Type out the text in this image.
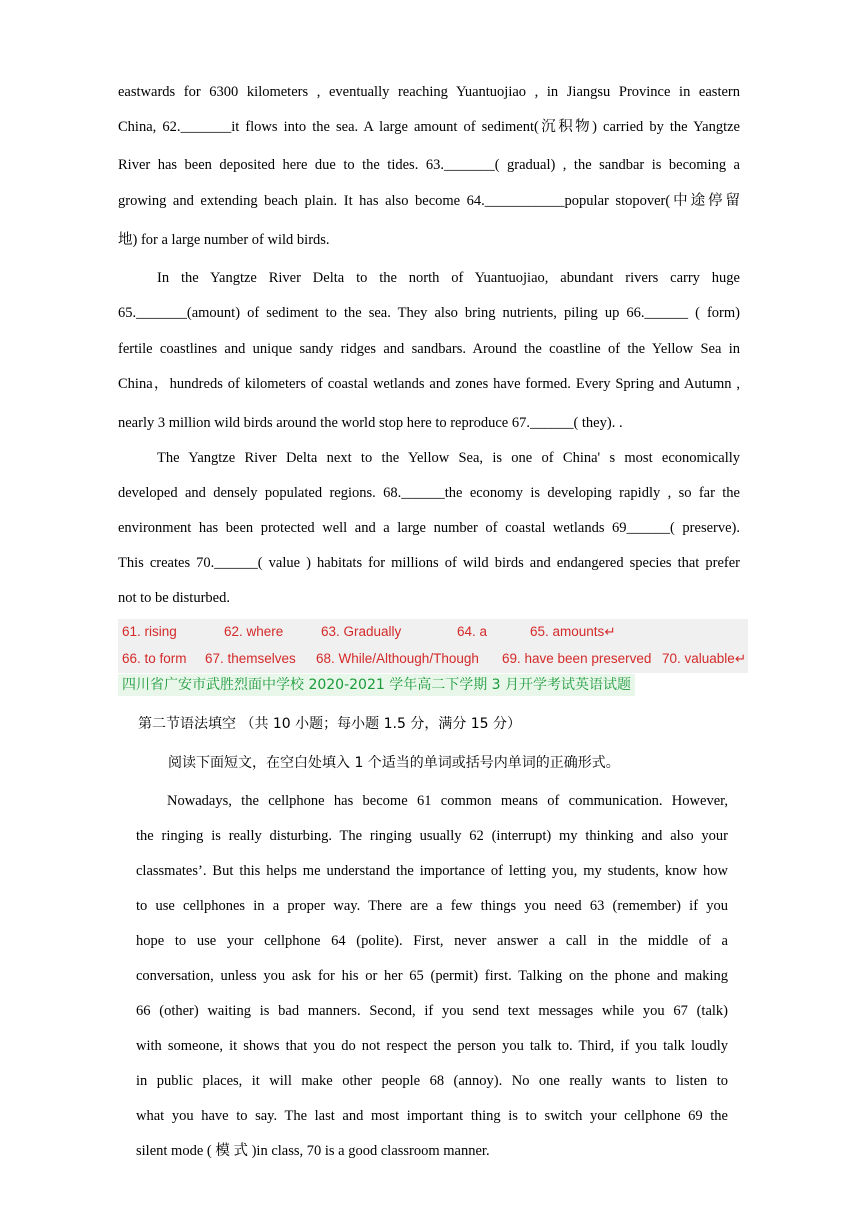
eastwards for 6300 kilometers , eventually reaching Yuantuojiao , in Jiangsu Province in eastern
China, 62._______it flows into the sea. A large amount of sediment(沉积物) carried by the Yangtze
River has been deposited here due to the tides. 63._______( gradual) , the sandbar is becoming a
growing and extending beach plain. It has also become 64.___________popular stopover(中途停留
地) for a large number of wild birds.
In the Yangtze River Delta to the north of Yuantuojiao, abundant rivers carry huge
65._______(amount) of sediment to the sea. They also bring nutrients, piling up 66.______ ( form)
fertile coastlines and unique sandy ridges and sandbars. Around the coastline of the Yellow Sea in
China，hundreds of kilometers of coastal wetlands and zones have formed. Every Spring and Autumn ,
nearly 3 million wild birds around the world stop here to reproduce 67.______( they). .
The Yangtze River Delta next to the Yellow Sea, is one of China' s most economically
developed and densely populated regions. 68.______the economy is developing rapidly , so far the
environment has been protected well and a large number of coastal wetlands 69______( preserve).
This creates 70.______( value ) habitats for millions of wild birds and endangered species that prefer
not to be disturbed.
61. rising	62. where	63. Gradually	64. a	65. amounts↵
66. to form 67. themselves 68. While/Although/Though 69. have been preserved 70. valuable↵
四川省广安市武胜烈面中学校 2020-2021 学年高二下学期 3 月开学考试英语试题
第二节语法填空 （共 10 小题；每小题 1.5 分，满分 15 分）
阅读下面短文，在空白处填入 1 个适当的单词或括号内单词的正确形式。
Nowadays, the cellphone has become 61 common means of communication. However,
the ringing is really disturbing. The ringing usually 62 (interrupt) my thinking and also your
classmates’. But this helps me understand the importance of letting you, my students, know how
to use cellphones in a proper way. There are a few things you need 63 (remember) if you
hope to use your cellphone 64 (polite). First, never answer a call in the middle of a
conversation, unless you ask for his or her 65 (permit) first. Talking on the phone and making
66 (other) waiting is bad manners. Second, if you send text messages while you 67 (talk)
with someone, it shows that you do not respect the person you talk to. Third, if you talk loudly
in public places, it will make other people 68 (annoy). No one really wants to listen to
what you have to say. The last and most important thing is to switch your cellphone 69 the
silent mode ( 模 式 )in class, 70 is a good classroom manner.
